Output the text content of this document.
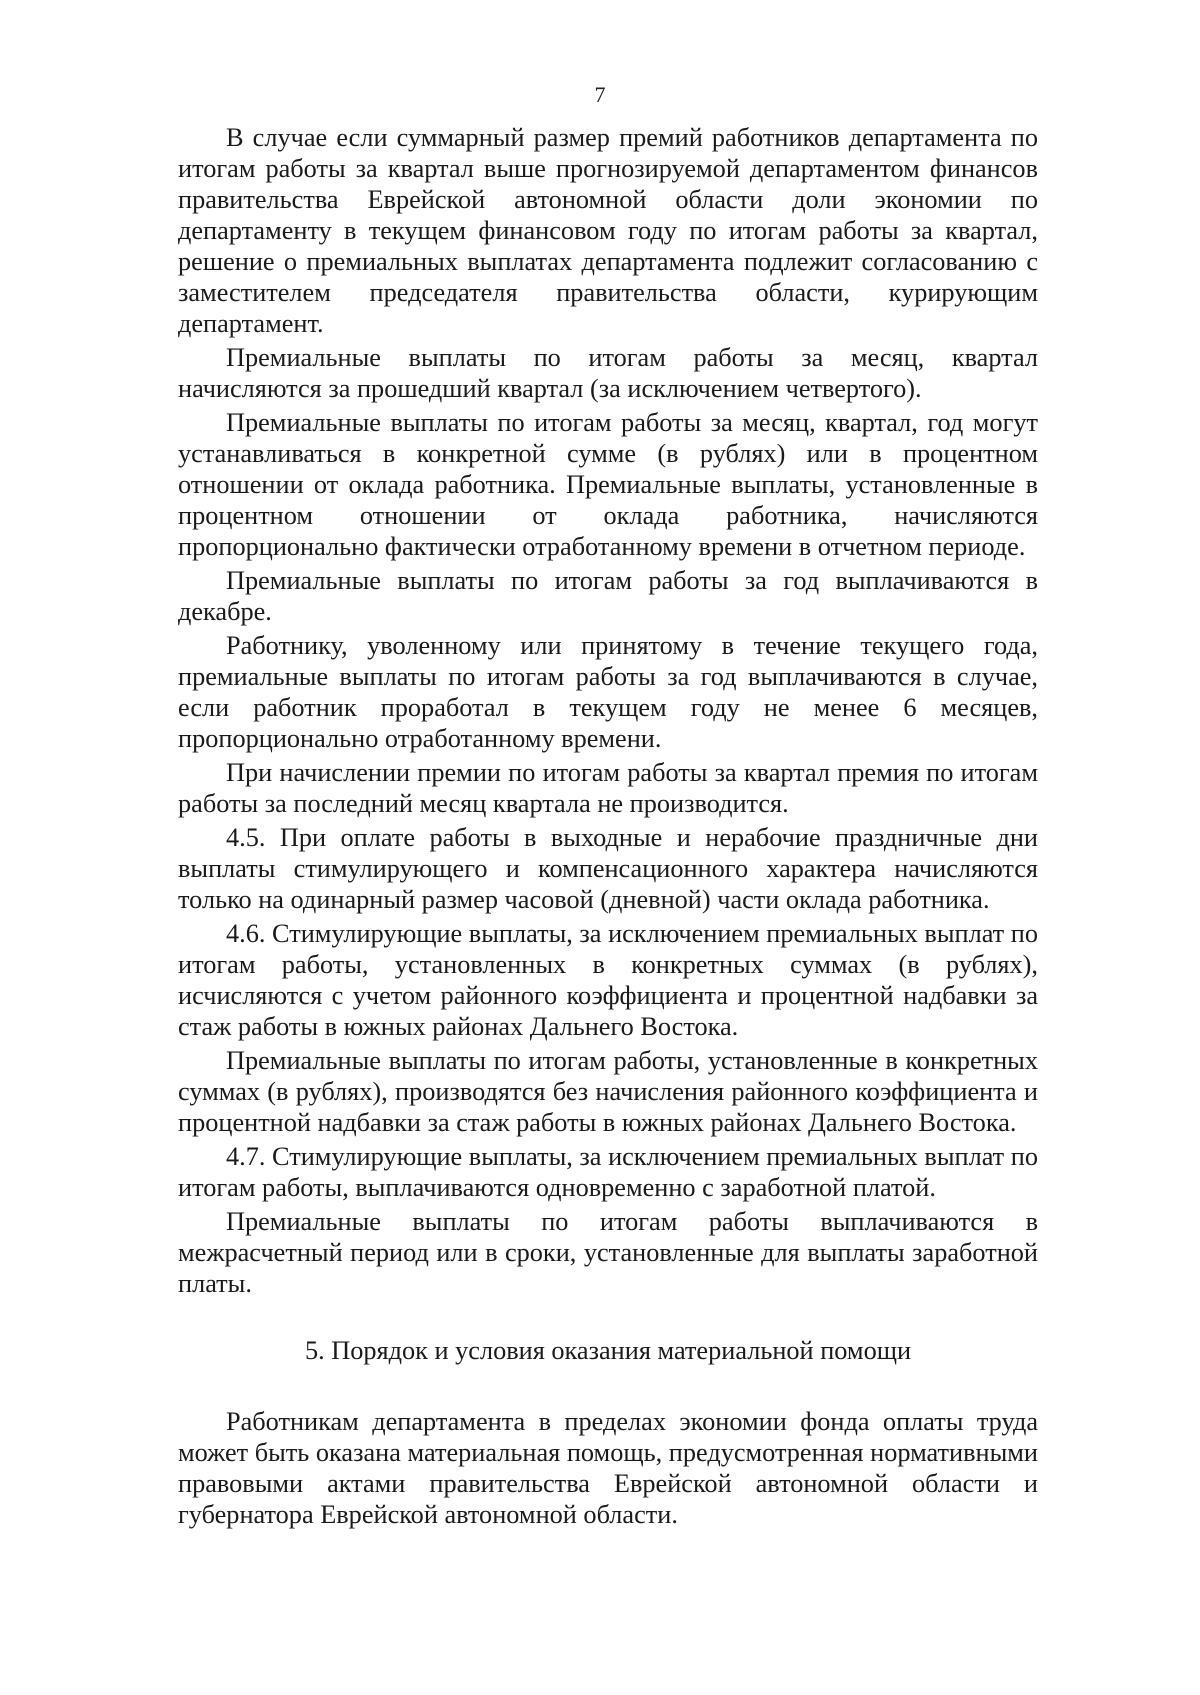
7

В случае если суммарный размер премий работников департамента по итогам работы за квартал выше прогнозируемой департаментом финансов правительства Еврейской автономной области доли экономии по департаменту в текущем финансовом году по итогам работы за квартал, решение о премиальных выплатах департамента подлежит согласованию с заместителем председателя правительства области, курирующим департамент.

Премиальные выплаты по итогам работы за месяц, квартал начисляются за прошедший квартал (за исключением четвертого).

Премиальные выплаты по итогам работы за месяц, квартал, год могут устанавливаться в конкретной сумме (в рублях) или в процентном отношении от оклада работника. Премиальные выплаты, установленные в процентном отношении от оклада работника, начисляются пропорционально фактически отработанному времени в отчетном периоде.

Премиальные выплаты по итогам работы за год выплачиваются в декабре.

Работнику, уволенному или принятому в течение текущего года, премиальные выплаты по итогам работы за год выплачиваются в случае, если работник проработал в текущем году не менее 6 месяцев, пропорционально отработанному времени.

При начислении премии по итогам работы за квартал премия по итогам работы за последний месяц квартала не производится.

4.5. При оплате работы в выходные и нерабочие праздничные дни выплаты стимулирующего и компенсационного характера начисляются только на одинарный размер часовой (дневной) части оклада работника.

4.6. Стимулирующие выплаты, за исключением премиальных выплат по итогам работы, установленных в конкретных суммах (в рублях), исчисляются с учетом районного коэффициента и процентной надбавки за стаж работы в южных районах Дальнего Востока.

Премиальные выплаты по итогам работы, установленные в конкретных суммах (в рублях), производятся без начисления районного коэффициента и процентной надбавки за стаж работы в южных районах Дальнего Востока.

4.7. Стимулирующие выплаты, за исключением премиальных выплат по итогам работы, выплачиваются одновременно с заработной платой.

Премиальные выплаты по итогам работы выплачиваются в межрасчетный период или в сроки, установленные для выплаты заработной платы.

5. Порядок и условия оказания материальной помощи

Работникам департамента в пределах экономии фонда оплаты труда может быть оказана материальная помощь, предусмотренная нормативными правовыми актами правительства Еврейской автономной области и губернатора Еврейской автономной области.
